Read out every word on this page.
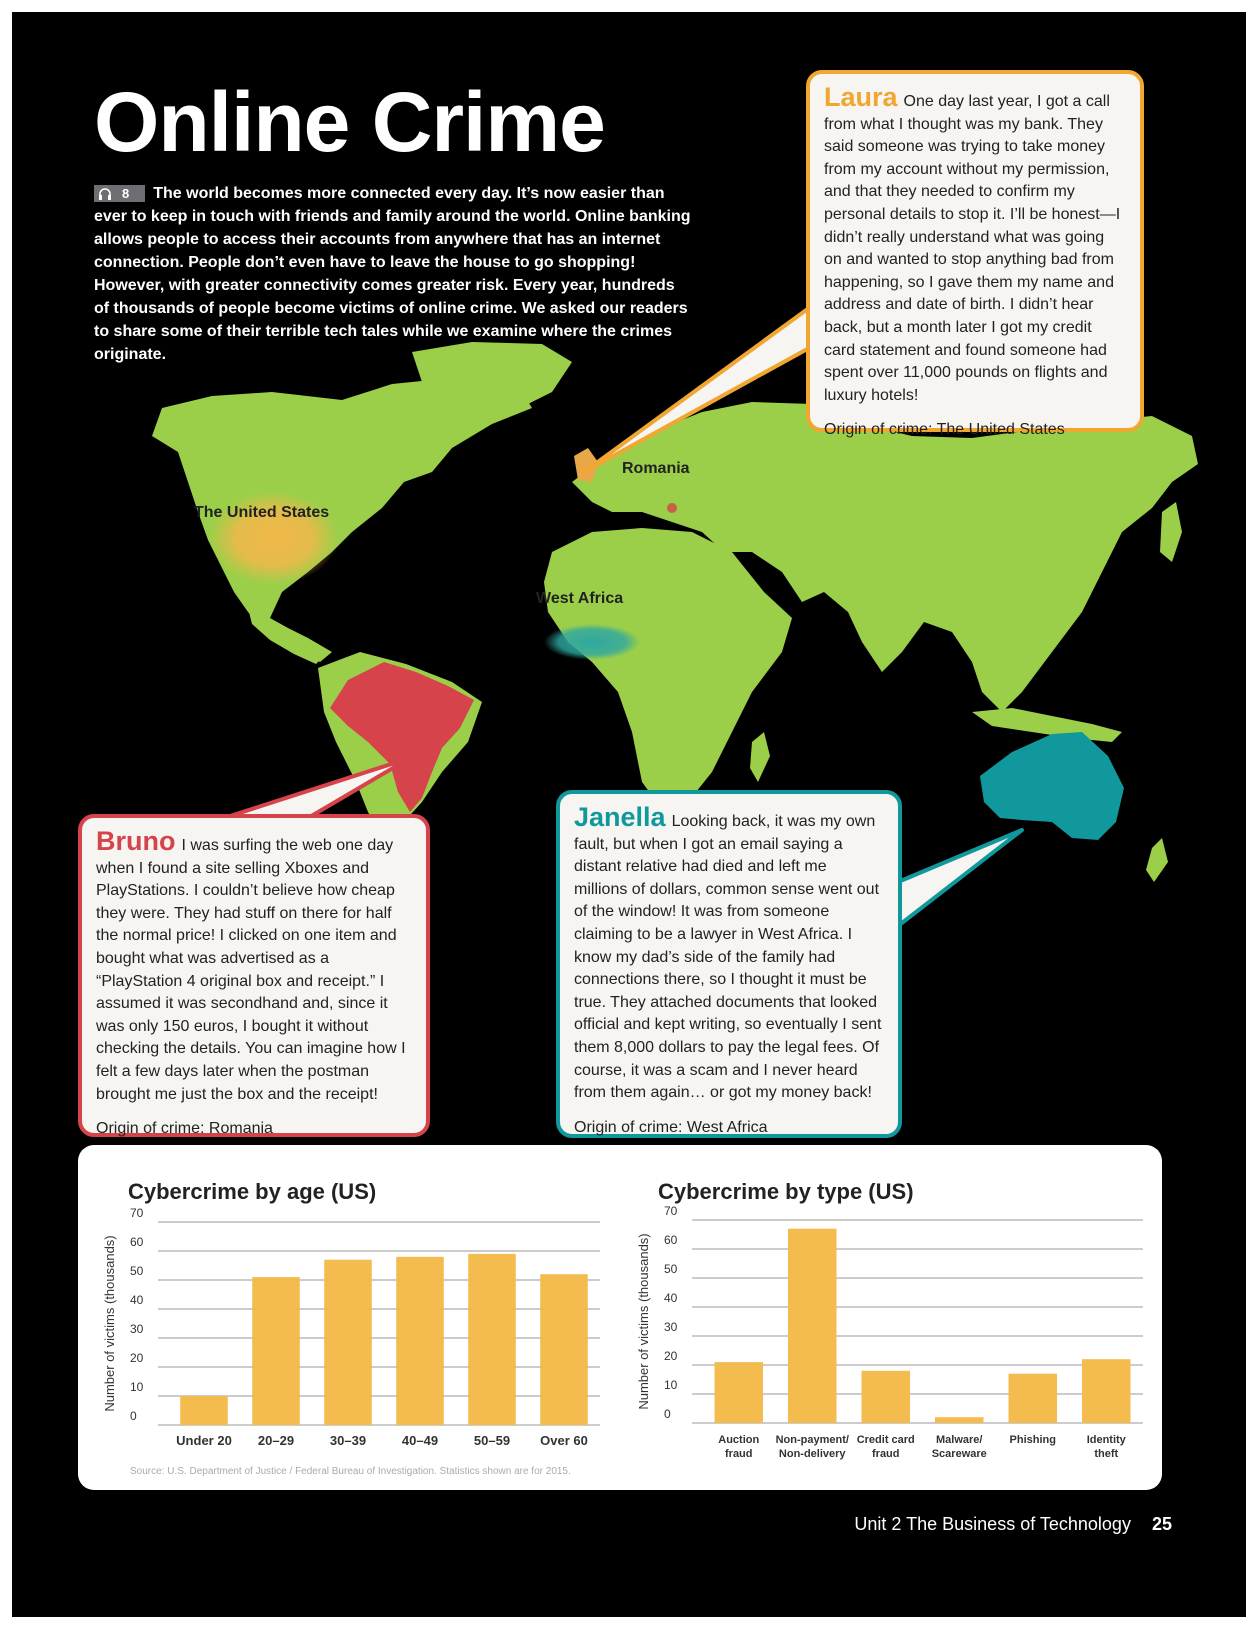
Online Crime

8 The world becomes more connected every day. It’s now easier than ever to keep in touch with friends and family around the world. Online banking allows people to access their accounts from anywhere that has an internet connection. People don’t even have to leave the house to go shopping! However, with greater connectivity comes greater risk. Every year, hundreds of thousands of people become victims of online crime. We asked our readers to share some of their terrible tech tales while we examine where the crimes originate.

The United States
Romania
West Africa

Laura One day last year, I got a call from what I thought was my bank. They said someone was trying to take money from my account without my permission, and that they needed to confirm my personal details to stop it. I’ll be honest—I didn’t really understand what was going on and wanted to stop anything bad from happening, so I gave them my name and address and date of birth. I didn’t hear back, but a month later I got my credit card statement and found someone had spent over 11,000 pounds on flights and luxury hotels!

Origin of crime: The United States

Bruno I was surfing the web one day when I found a site selling Xboxes and PlayStations. I couldn’t believe how cheap they were. They had stuff on there for half the normal price! I clicked on one item and bought what was advertised as a “PlayStation 4 original box and receipt.” I assumed it was secondhand and, since it was only 150 euros, I bought it without checking the details. You can imagine how I felt a few days later when the postman brought me just the box and the receipt!

Origin of crime: Romania

Janella Looking back, it was my own fault, but when I got an email saying a distant relative had died and left me millions of dollars, common sense went out of the window! It was from someone claiming to be a lawyer in West Africa. I know my dad’s side of the family had connections there, so I thought it must be true. They attached documents that looked official and kept writing, so eventually I sent them 8,000 dollars to pay the legal fees. Of course, it was a scam and I never heard from them again… or got my money back!

Origin of crime: West Africa

Cybercrime by age (US)
0
10
20
30
40
50
60
70
Number of victims (thousands)
Under 20 20–29	30–39	40–49	50–59 Over 60
Cybercrime by type (US)
0
10
20
30
40
50
60
70
Number of victims (thousands)
Auction
fraud
Non-payment/
Non-delivery
Credit card
fraud
Malware/
Scareware
Phishing	Identity
theft
Source: U.S. Department of Justice / Federal Bureau of Investigation. Statistics shown are for 2015.
Unit 2 The Business of Technology 25
